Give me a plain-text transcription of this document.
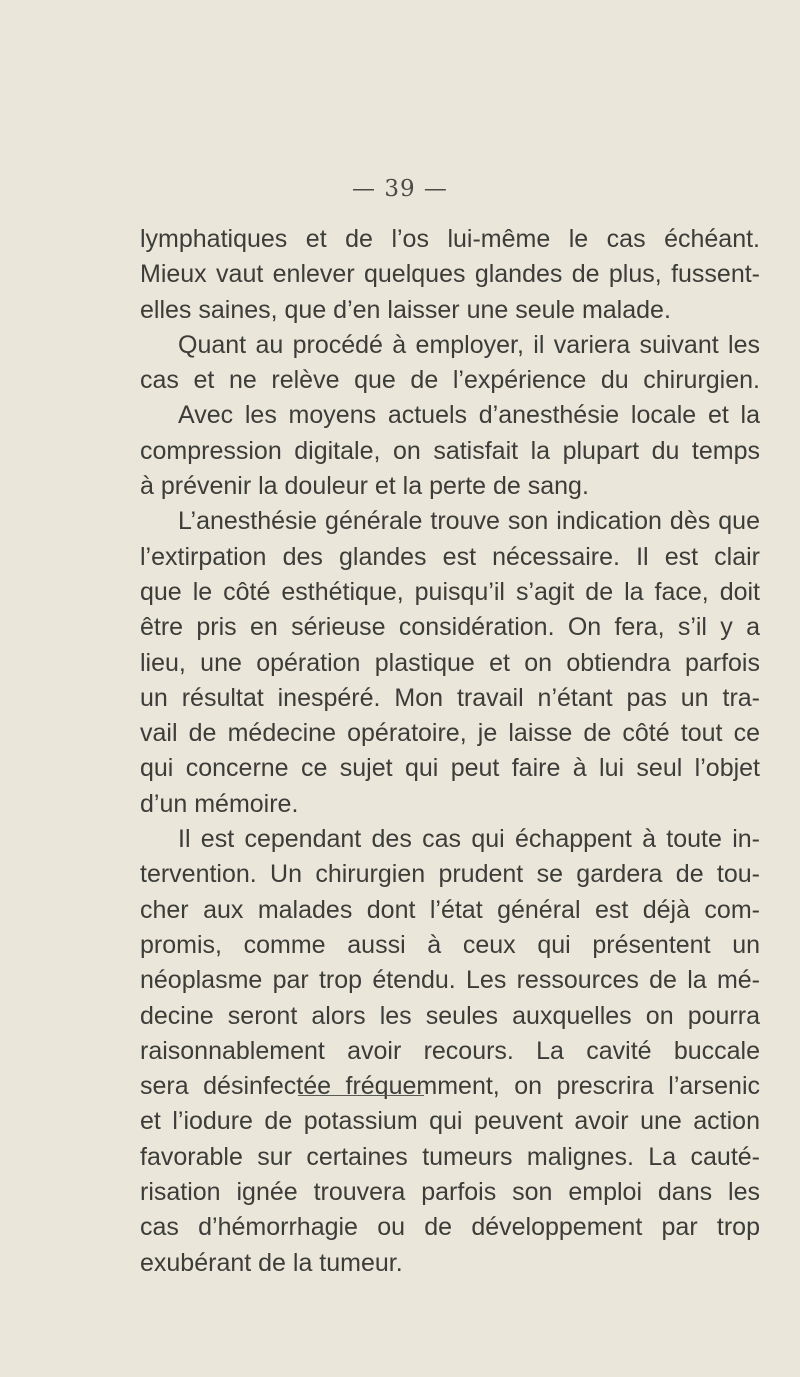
— 39 —

lymphatiques et de l’os lui-même le cas échéant.
Mieux vaut enlever quelques glandes de plus, fussent-
elles saines, que d’en laisser une seule malade.

Quant au procédé à employer, il variera suivant les
cas et ne relève que de l’expérience du chirurgien.
Avec les moyens actuels d’anesthésie locale et la
compression digitale, on satisfait la plupart du temps
à prévenir la douleur et la perte de sang.

L’anesthésie générale trouve son indication dès que
l’extirpation des glandes est nécessaire. Il est clair
que le côté esthétique, puisqu’il s’agit de la face, doit
être pris en sérieuse considération. On fera, s’il y a
lieu, une opération plastique et on obtiendra parfois
un résultat inespéré. Mon travail n’étant pas un tra-
vail de médecine opératoire, je laisse de côté tout ce
qui concerne ce sujet qui peut faire à lui seul l’objet
d’un mémoire.

Il est cependant des cas qui échappent à toute in-
tervention. Un chirurgien prudent se gardera de tou-
cher aux malades dont l’état général est déjà com-
promis, comme aussi à ceux qui présentent un
néoplasme par trop étendu. Les ressources de la mé-
decine seront alors les seules auxquelles on pourra
raisonnablement avoir recours. La cavité buccale
sera désinfectée fréquemment, on prescrira l’arsenic
et l’iodure de potassium qui peuvent avoir une action
favorable sur certaines tumeurs malignes. La cauté-
risation ignée trouvera parfois son emploi dans les
cas d’hémorrhagie ou de développement par trop
exubérant de la tumeur.
